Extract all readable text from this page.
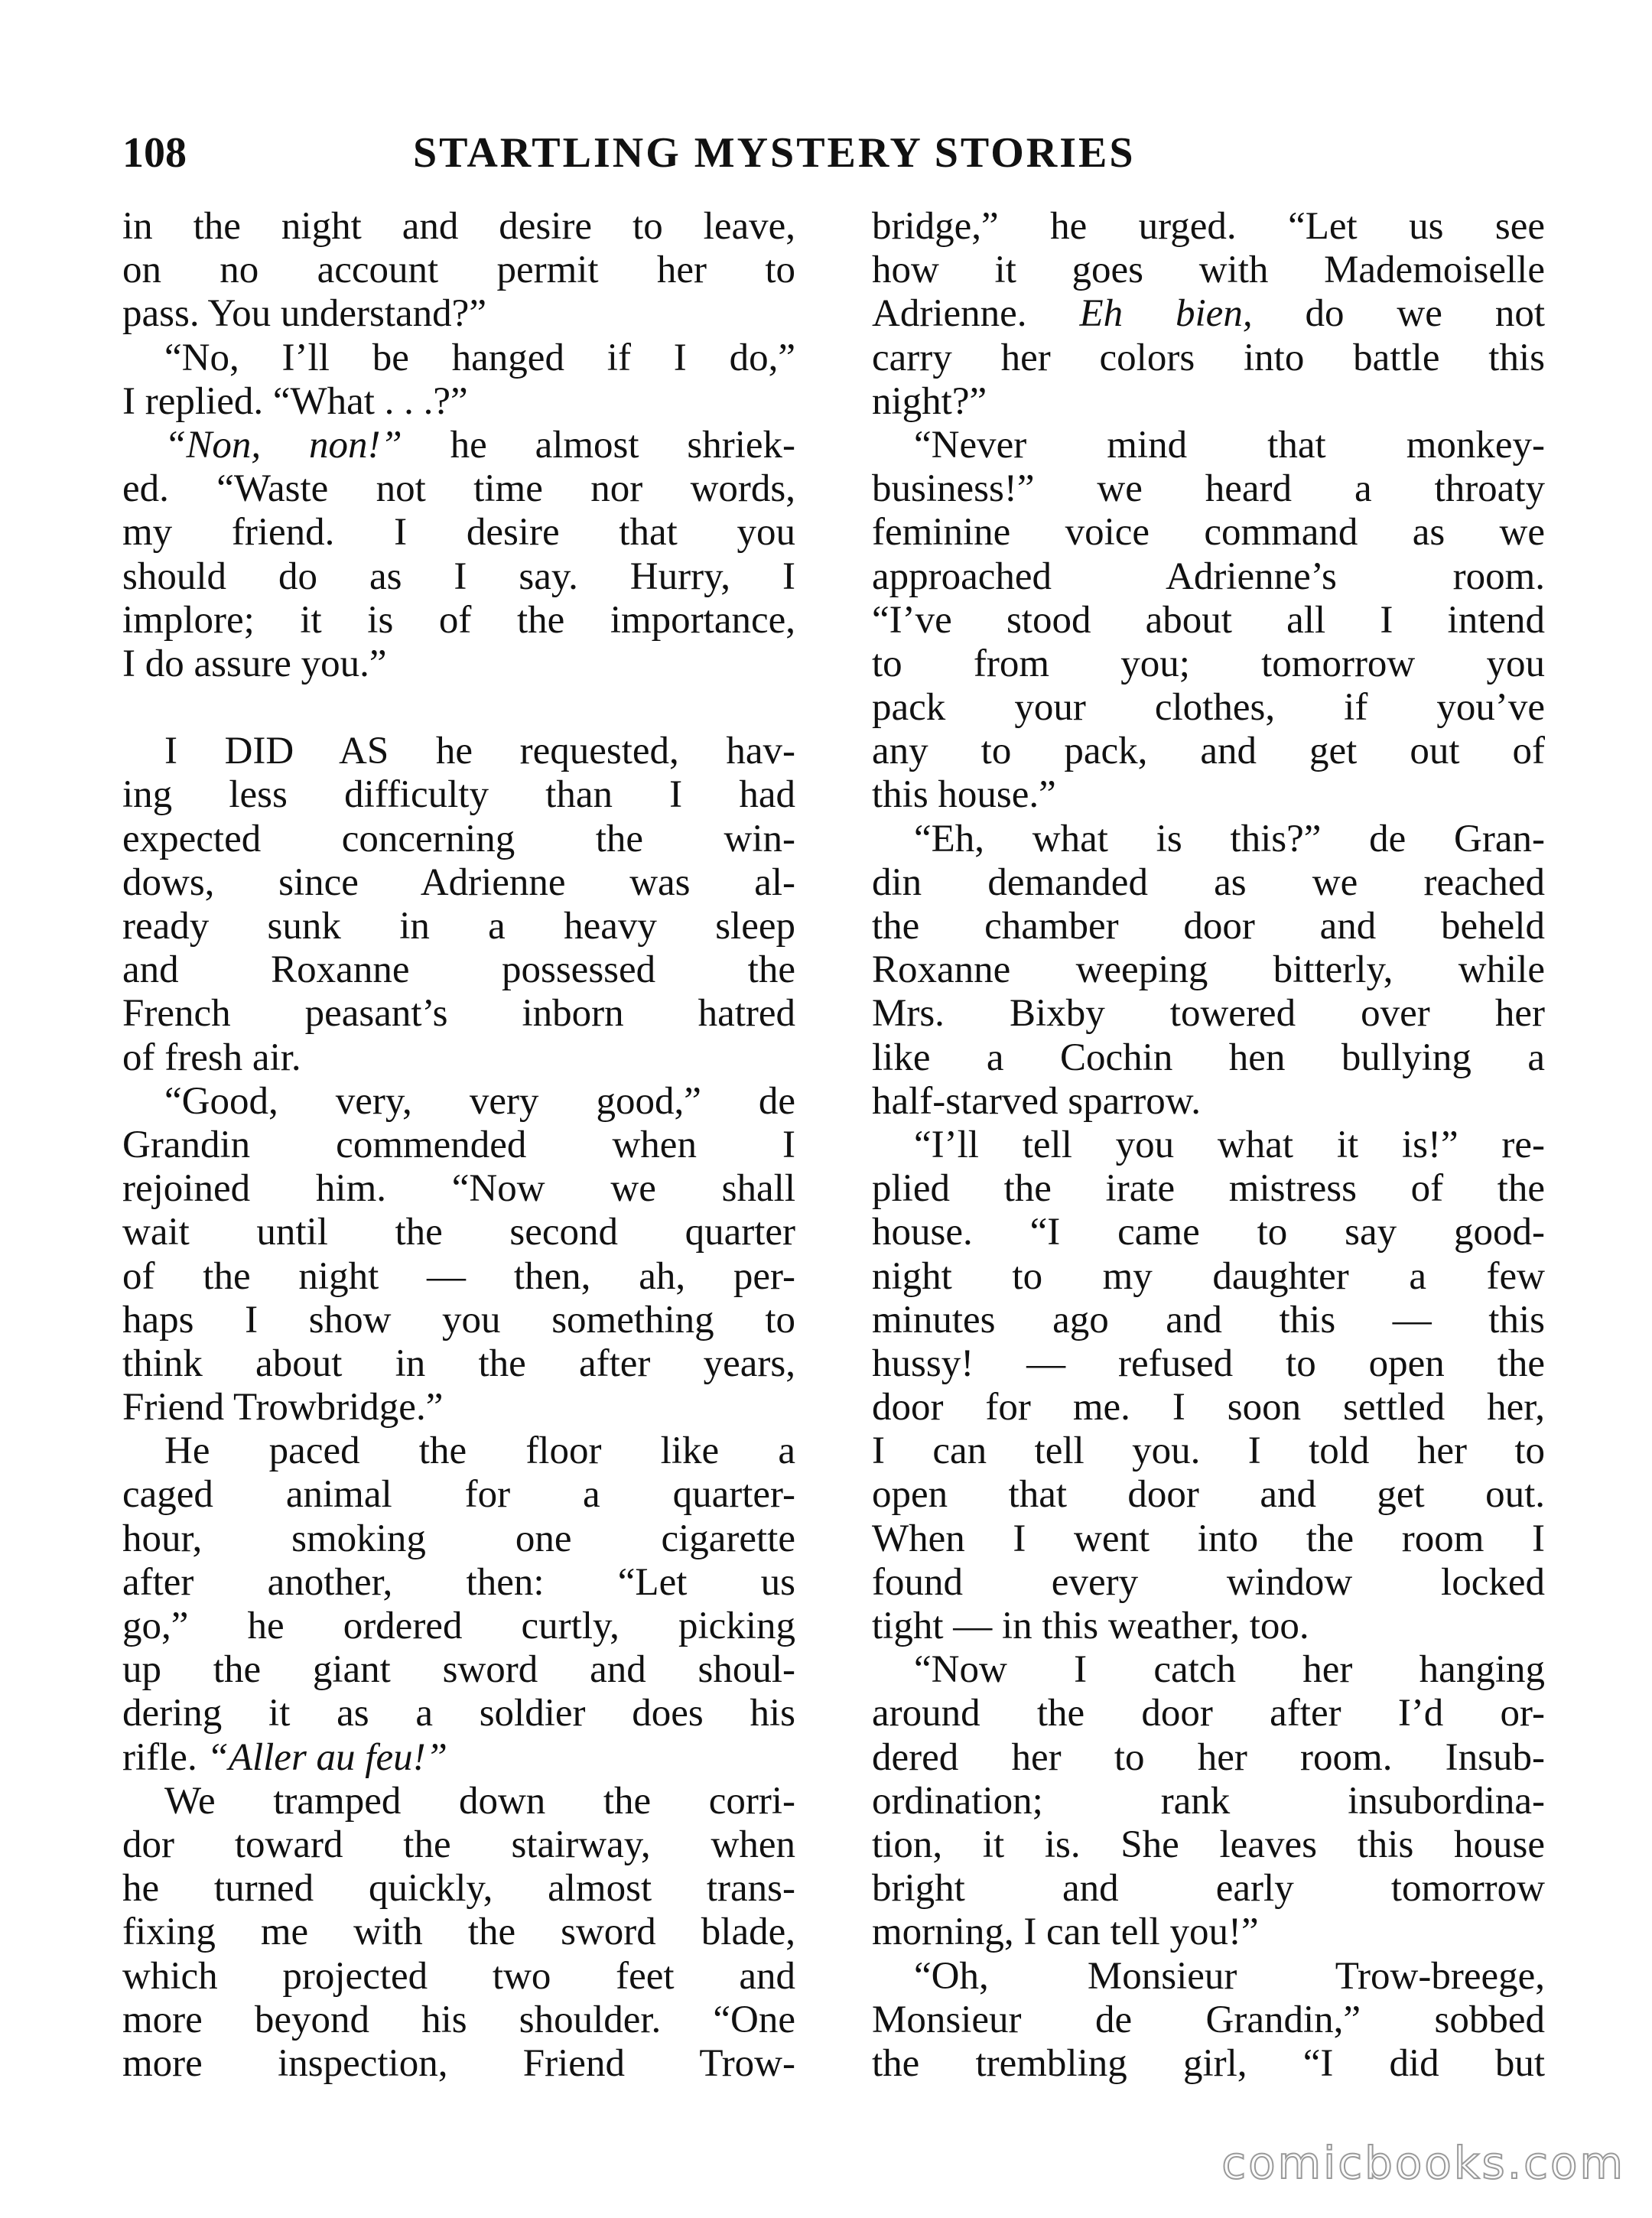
108	STARTLING MYSTERY STORIES
in the night and desire to leave,
on no account permit her to
pass. You understand?”
“No, I’ll be hanged if I do,”
I replied. “What . . .?”
“Non, non!” he almost shriek-
ed. “Waste not time nor words,
my friend. I desire that you
should do as I say. Hurry, I
implore; it is of the importance,
I do assure you.”
I DID AS he requested, hav-
ing less difficulty than I had
expected concerning the win-
dows, since Adrienne was al-
ready sunk in a heavy sleep
and Roxanne possessed the
French peasant’s inborn hatred
of fresh air.
“Good, very, very good,” de
Grandin commended when I
rejoined him. “Now we shall
wait until the second quarter
of the night — then, ah, per-
haps I show you something to
think about in the after years,
Friend Trowbridge.”
He paced the floor like a
caged animal for a quarter-
hour, smoking one cigarette
after another, then: “Let us
go,” he ordered curtly, picking
up the giant sword and shoul-
dering it as a soldier does his
rifle. “Aller au feu!”
We tramped down the corri-
dor toward the stairway, when
he turned quickly, almost trans-
fixing me with the sword blade,
which projected two feet and
more beyond his shoulder. “One
more inspection, Friend Trow-
bridge,” he urged. “Let us see
how it goes with Mademoiselle
Adrienne. Eh bien, do we not
carry her colors into battle this
night?”
“Never mind that monkey-
business!” we heard a throaty
feminine voice command as we
approached Adrienne’s room.
“I’ve stood about all I intend
to from you; tomorrow you
pack your clothes, if you’ve
any to pack, and get out of
this house.”
“Eh, what is this?” de Gran-
din demanded as we reached
the chamber door and beheld
Roxanne weeping bitterly, while
Mrs. Bixby towered over her
like a Cochin hen bullying a
half-starved sparrow.
“I’ll tell you what it is!” re-
plied the irate mistress of the
house. “I came to say good-
night to my daughter a few
minutes ago and this — this
hussy! — refused to open the
door for me. I soon settled her,
I can tell you. I told her to
open that door and get out.
When I went into the room I
found every window locked
tight — in this weather, too.
“Now I catch her hanging
around the door after I’d or-
dered her to her room. Insub-
ordination; rank insubordina-
tion, it is. She leaves this house
bright and early tomorrow
morning, I can tell you!”
“Oh, Monsieur Trow-breege,
Monsieur de Grandin,” sobbed
the trembling girl, “I did but
comicbooks.com
